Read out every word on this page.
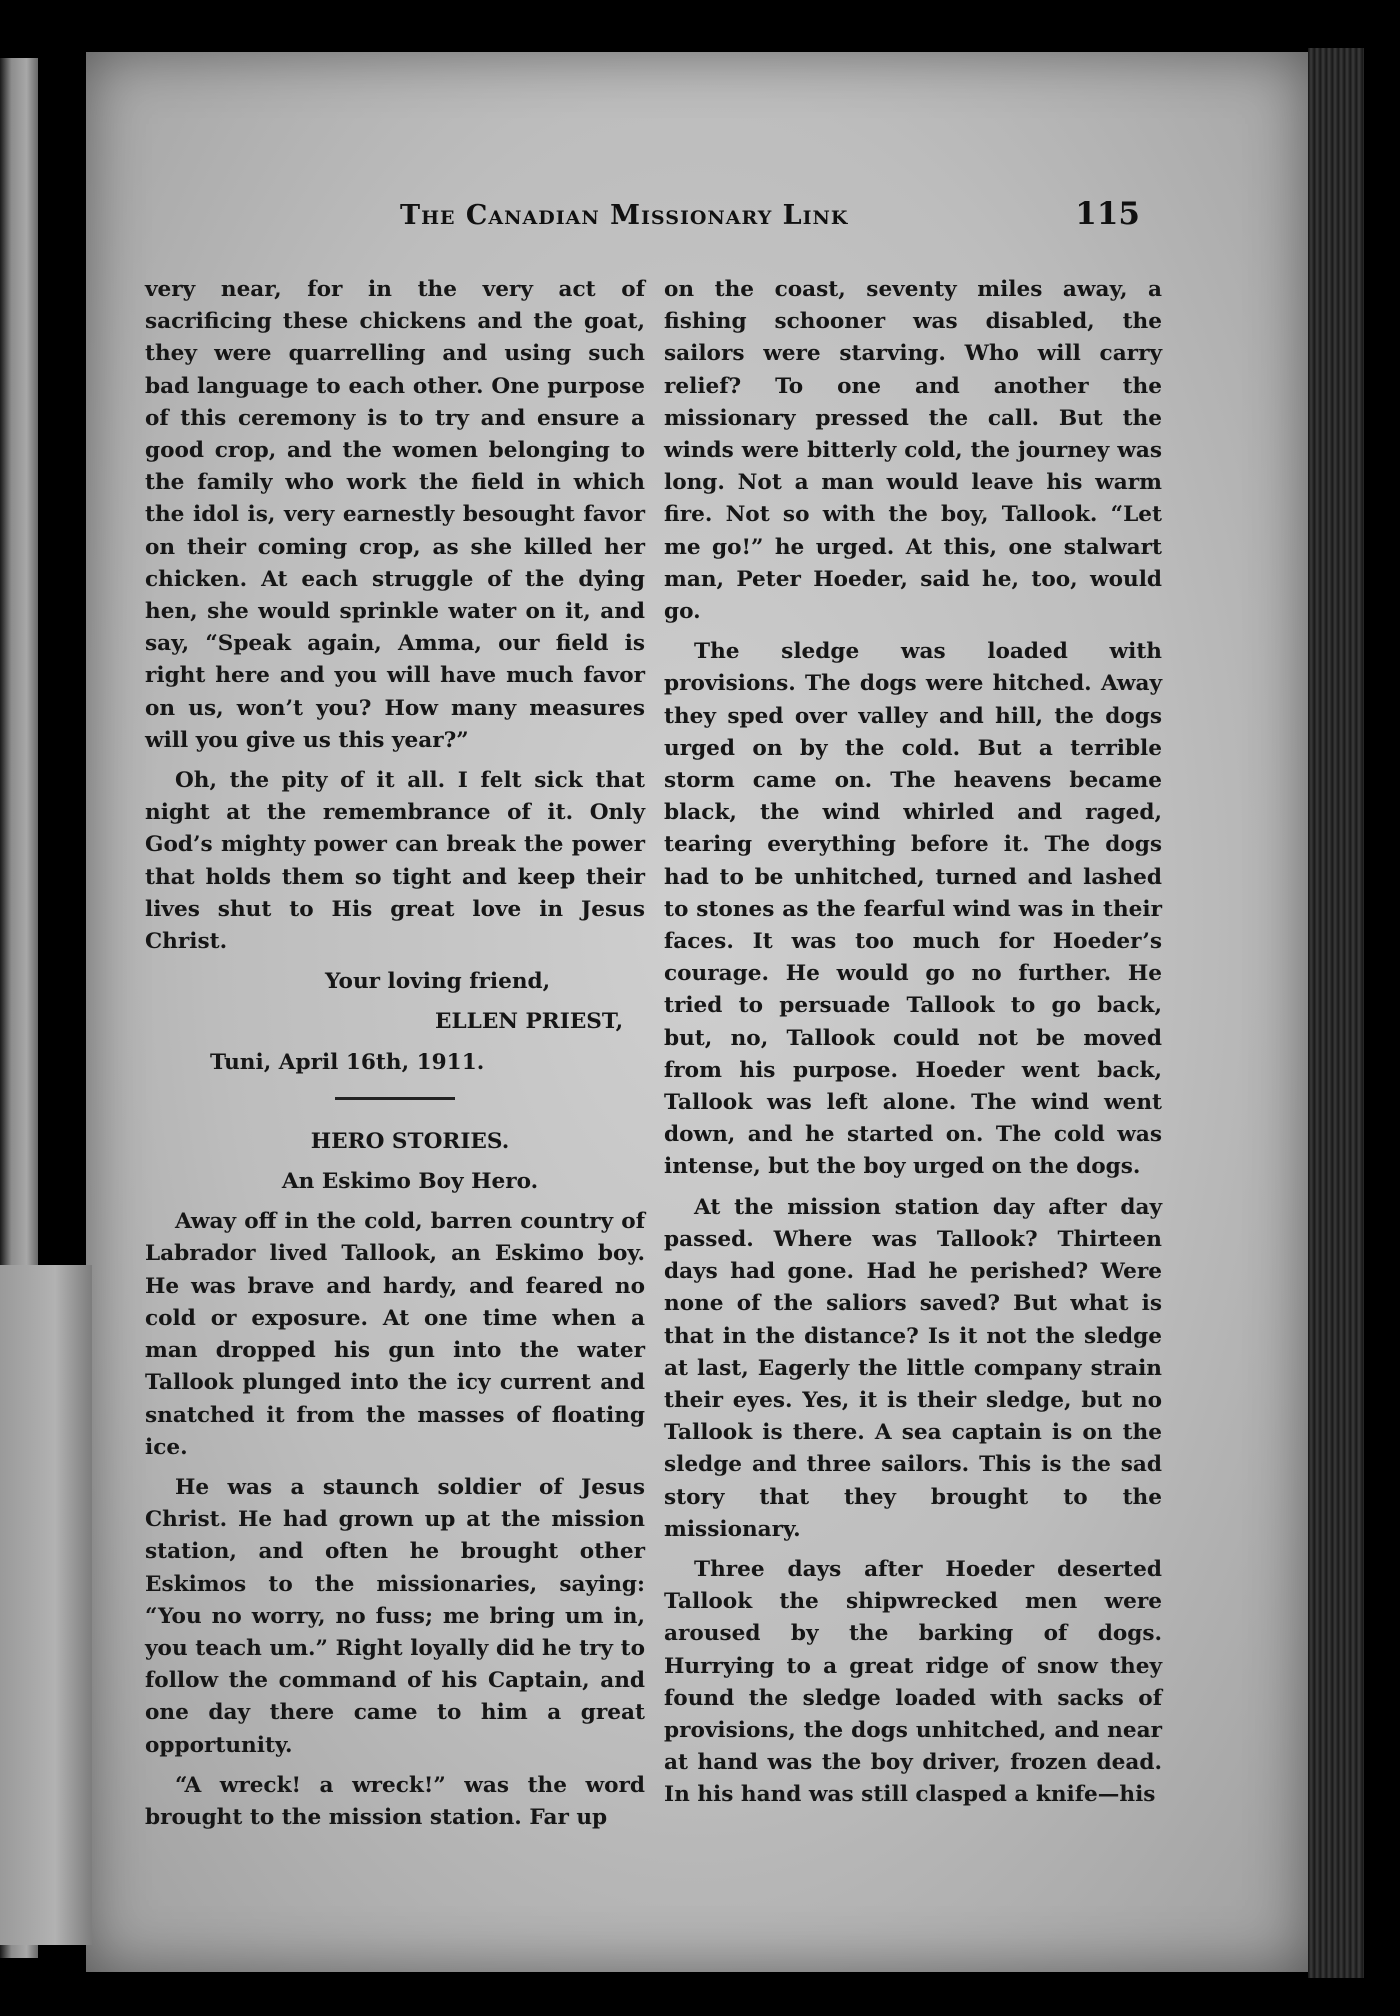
The Canadian Missionary Link	115

very near, for in the very act of sacrificing these chickens and the goat, they were quarrelling and using such bad language to each other. One purpose of this ceremony is to try and ensure a good crop, and the women belonging to the family who work the field in which the idol is, very earnestly besought favor on their coming crop, as she killed her chicken. At each struggle of the dying hen, she would sprinkle water on it, and say, “Speak again, Amma, our field is right here and you will have much favor on us, won’t you? How many measures will you give us this year?”

Oh, the pity of it all. I felt sick that night at the remembrance of it. Only God’s mighty power can break the power that holds them so tight and keep their lives shut to His great love in Jesus Christ.

Your loving friend,

ELLEN PRIEST,

Tuni, April 16th, 1911.

HERO STORIES.

An Eskimo Boy Hero.

Away off in the cold, barren country of Labrador lived Tallook, an Eskimo boy. He was brave and hardy, and feared no cold or exposure. At one time when a man dropped his gun into the water Tallook plunged into the icy current and snatched it from the masses of floating ice.

He was a staunch soldier of Jesus Christ. He had grown up at the mission station, and often he brought other Eskimos to the missionaries, saying: “You no worry, no fuss; me bring um in, you teach um.” Right loyally did he try to follow the command of his Captain, and one day there came to him a great opportunity.

“A wreck! a wreck!” was the word brought to the mission station. Far up

on the coast, seventy miles away, a fishing schooner was disabled, the sailors were starving. Who will carry relief? To one and another the missionary pressed the call. But the winds were bitterly cold, the journey was long. Not a man would leave his warm fire. Not so with the boy, Tallook. “Let me go!” he urged. At this, one stalwart man, Peter Hoeder, said he, too, would go.

The sledge was loaded with provisions. The dogs were hitched. Away they sped over valley and hill, the dogs urged on by the cold. But a terrible storm came on. The heavens became black, the wind whirled and raged, tearing everything before it. The dogs had to be unhitched, turned and lashed to stones as the fearful wind was in their faces. It was too much for Hoeder’s courage. He would go no further. He tried to persuade Tallook to go back, but, no, Tallook could not be moved from his purpose. Hoeder went back, Tallook was left alone. The wind went down, and he started on. The cold was intense, but the boy urged on the dogs.

At the mission station day after day passed. Where was Tallook? Thirteen days had gone. Had he perished? Were none of the saliors saved? But what is that in the distance? Is it not the sledge at last, Eagerly the little company strain their eyes. Yes, it is their sledge, but no Tallook is there. A sea captain is on the sledge and three sailors. This is the sad story that they brought to the missionary.

Three days after Hoeder deserted Tallook the shipwrecked men were aroused by the barking of dogs. Hurrying to a great ridge of snow they found the sledge loaded with sacks of provisions, the dogs unhitched, and near at hand was the boy driver, frozen dead. In his hand was still clasped a knife—his
